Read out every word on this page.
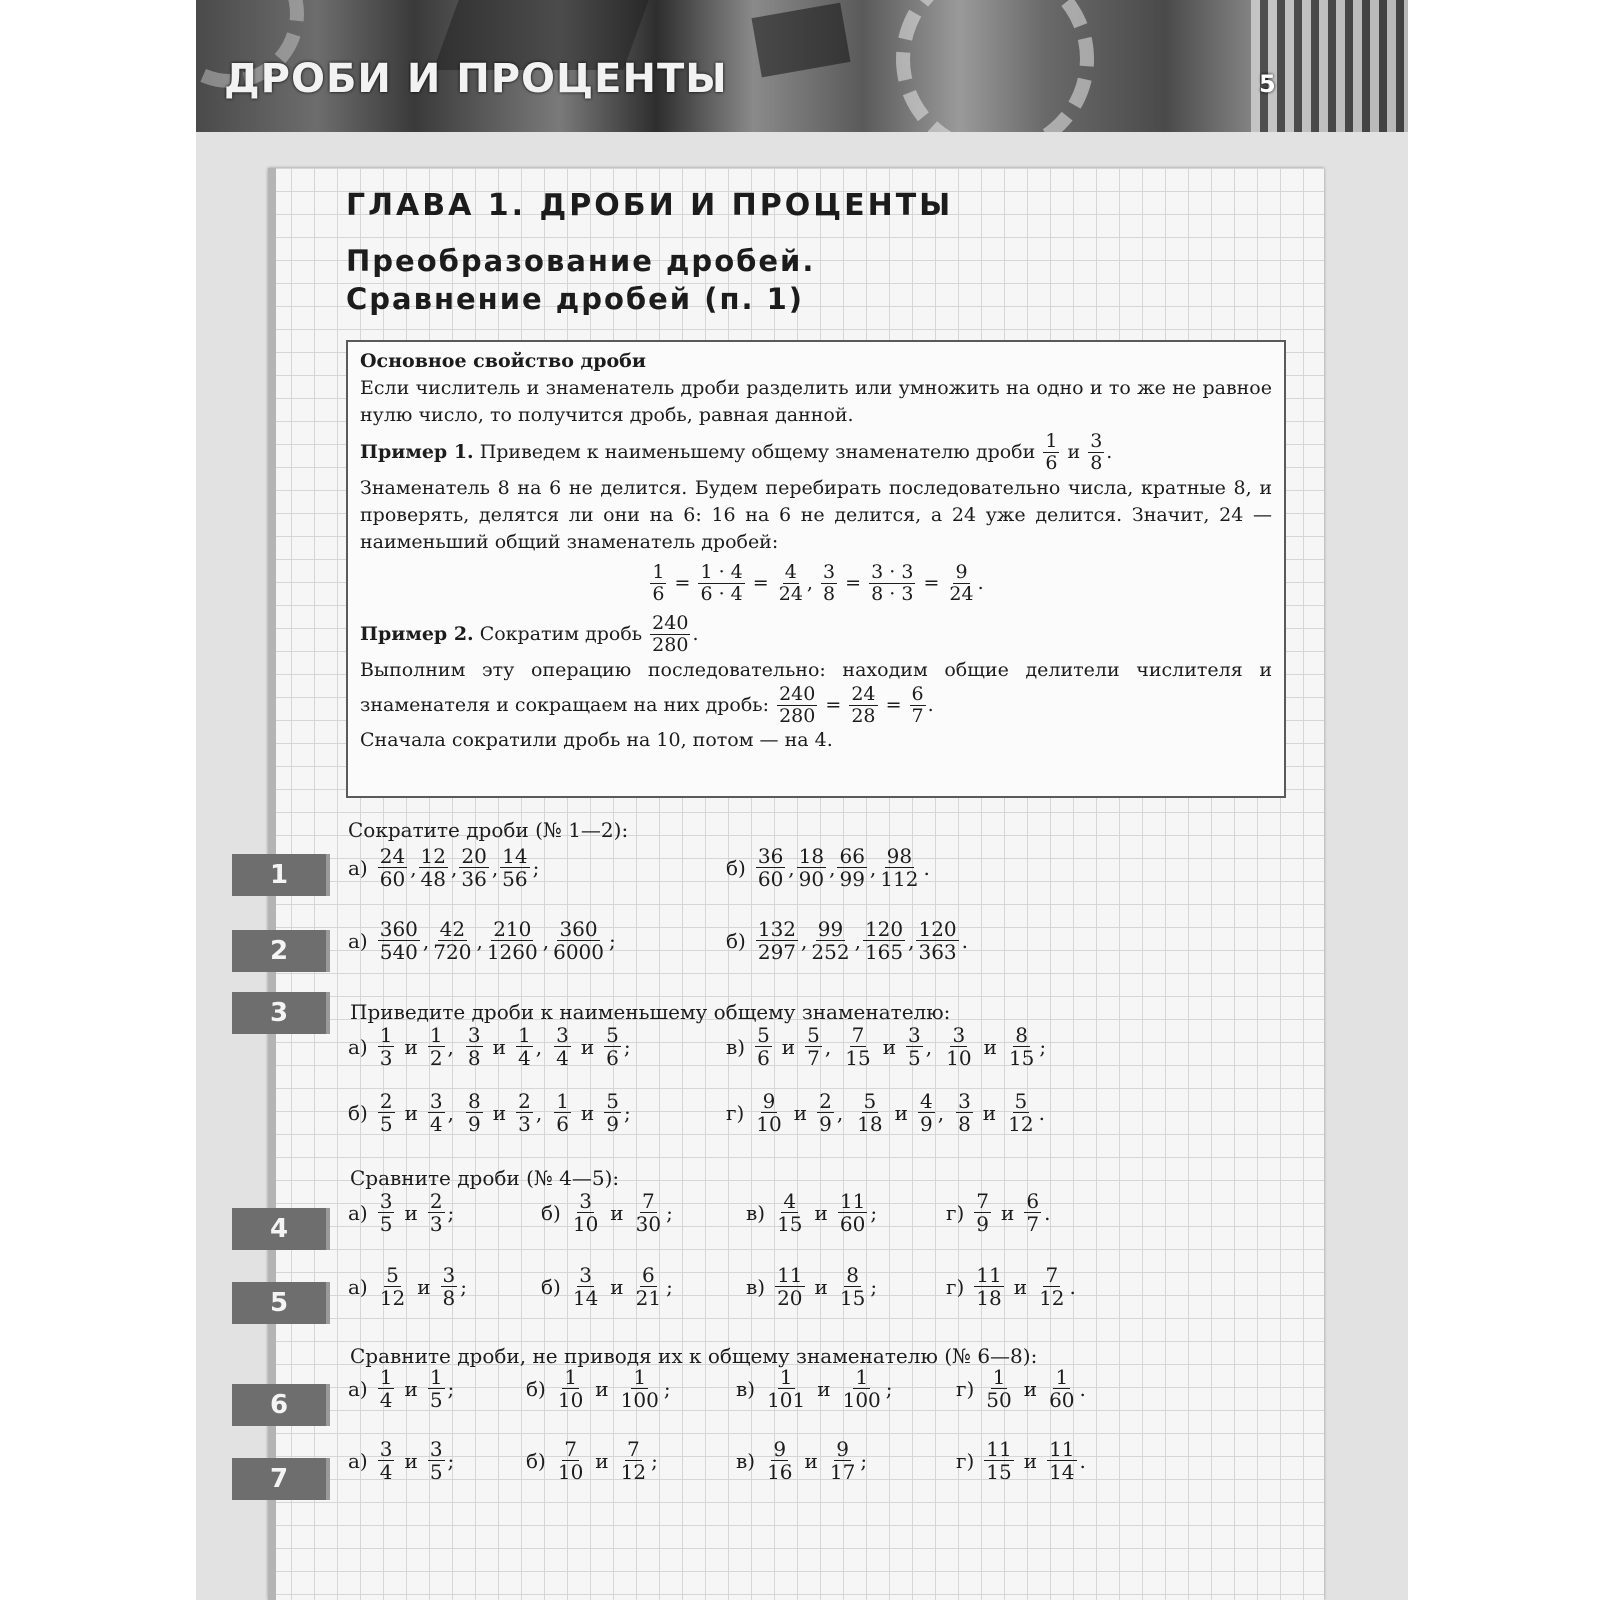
ДРОБИ И ПРОЦЕНТЫ	5
ГЛАВА 1. ДРОБИ И ПРОЦЕНТЫ
Преобразование дробей.
Сравнение дробей (п. 1)

Основное свойство дроби

Если числитель и знаменатель дроби разделить или умножить на одно и то же не равное нулю число, то получится дробь, равная данной.

Пример 1. Приведем к наименьшему общему знаменателю дроби $\frac{1}{6}$ и $\frac{3}{8}$ .

Знаменатель 8 на 6 не делится. Будем перебирать последовательно числа, кратные 8, и проверять, делятся ли они на 6: 16 на 6 не делится, а 24 уже делится. Значит, 24 — наименьший общий знаменатель дробей:

$\frac{1}{6} = \frac{1 \cdot 4}{6 \cdot 4} = \frac{4}{24}$ , $\frac{3}{8} = \frac{3 \cdot 3}{8 \cdot 3} = \frac{9}{24}$ .

Пример 2. Сократим дробь $\frac{240}{280}$ .

Выполним эту операцию последовательно: находим общие делители числителя и знаменателя и сокращаем на них дробь: $\frac{240}{280} = \frac{24}{28} = \frac{6}{7}$ .

Сначала сократили дробь на 10, потом — на 4.

Сократите дроби (№ 1—2):
1
2
3	Приведите дроби к наименьшему общему знаменателю:
Сравните дроби (№ 4—5):
4
5
Сравните дроби, не приводя их к общему знаменателю (№ 6—8):
6
7
$а) \frac{24}{60}$ , $\frac{12}{48}$ , $\frac{20}{36}$ , $\frac{14}{56}$ ;	$б) \frac{36}{60}$ , $\frac{18}{90}$ , $\frac{66}{99}$ , $\frac{98}{112}$ .
$а) \frac{360}{540}$ , $\frac{42}{720}$ , $\frac{210}{1260}$ , $\frac{360}{6000}$ ;	$б) \frac{132}{297}$ , $\frac{99}{252}$ , $\frac{120}{165}$ , $\frac{120}{363}$ .
$а) \frac{1}{3}$ и $\frac{1}{2}$ , $\frac{3}{8}$ и $\frac{1}{4}$ , $\frac{3}{4}$ и $\frac{5}{6}$ ;	$в) \frac{5}{6}$ и $\frac{5}{7}$ , $\frac{7}{15}$ и $\frac{3}{5}$ , $\frac{3}{10}$ и $\frac{8}{15}$ ;
$б) \frac{2}{5}$ и $\frac{3}{4}$ , $\frac{8}{9}$ и $\frac{2}{3}$ , $\frac{1}{6}$ и $\frac{5}{9}$ ;	$г) \frac{9}{10}$ и $\frac{2}{9}$ , $\frac{5}{18}$ и $\frac{4}{9}$ , $\frac{3}{8}$ и $\frac{5}{12}$ .
$а) \frac{3}{5}$ и $\frac{2}{3}$ ;	$б) \frac{3}{10}$ и $\frac{7}{30}$ ;	$в) \frac{4}{15}$ и $\frac{11}{60}$ ;	$г) \frac{7}{9}$ и $\frac{6}{7}$ .
$а) \frac{5}{12}$ и $\frac{3}{8}$ ;	$б) \frac{3}{14}$ и $\frac{6}{21}$ ;	$в) \frac{11}{20}$ и $\frac{8}{15}$ ;	$г) \frac{11}{18}$ и $\frac{7}{12}$ .
$а) \frac{1}{4}$ и $\frac{1}{5}$ ;	$б) \frac{1}{10}$ и $\frac{1}{100}$ ;	$в) \frac{1}{101}$ и $\frac{1}{100}$ ;	$г) \frac{1}{50}$ и $\frac{1}{60}$ .
$а) \frac{3}{4}$ и $\frac{3}{5}$ ;	$б) \frac{7}{10}$ и $\frac{7}{12}$ ;	$в) \frac{9}{16}$ и $\frac{9}{17}$ ;	$г) \frac{11}{15}$ и $\frac{11}{14}$ .
